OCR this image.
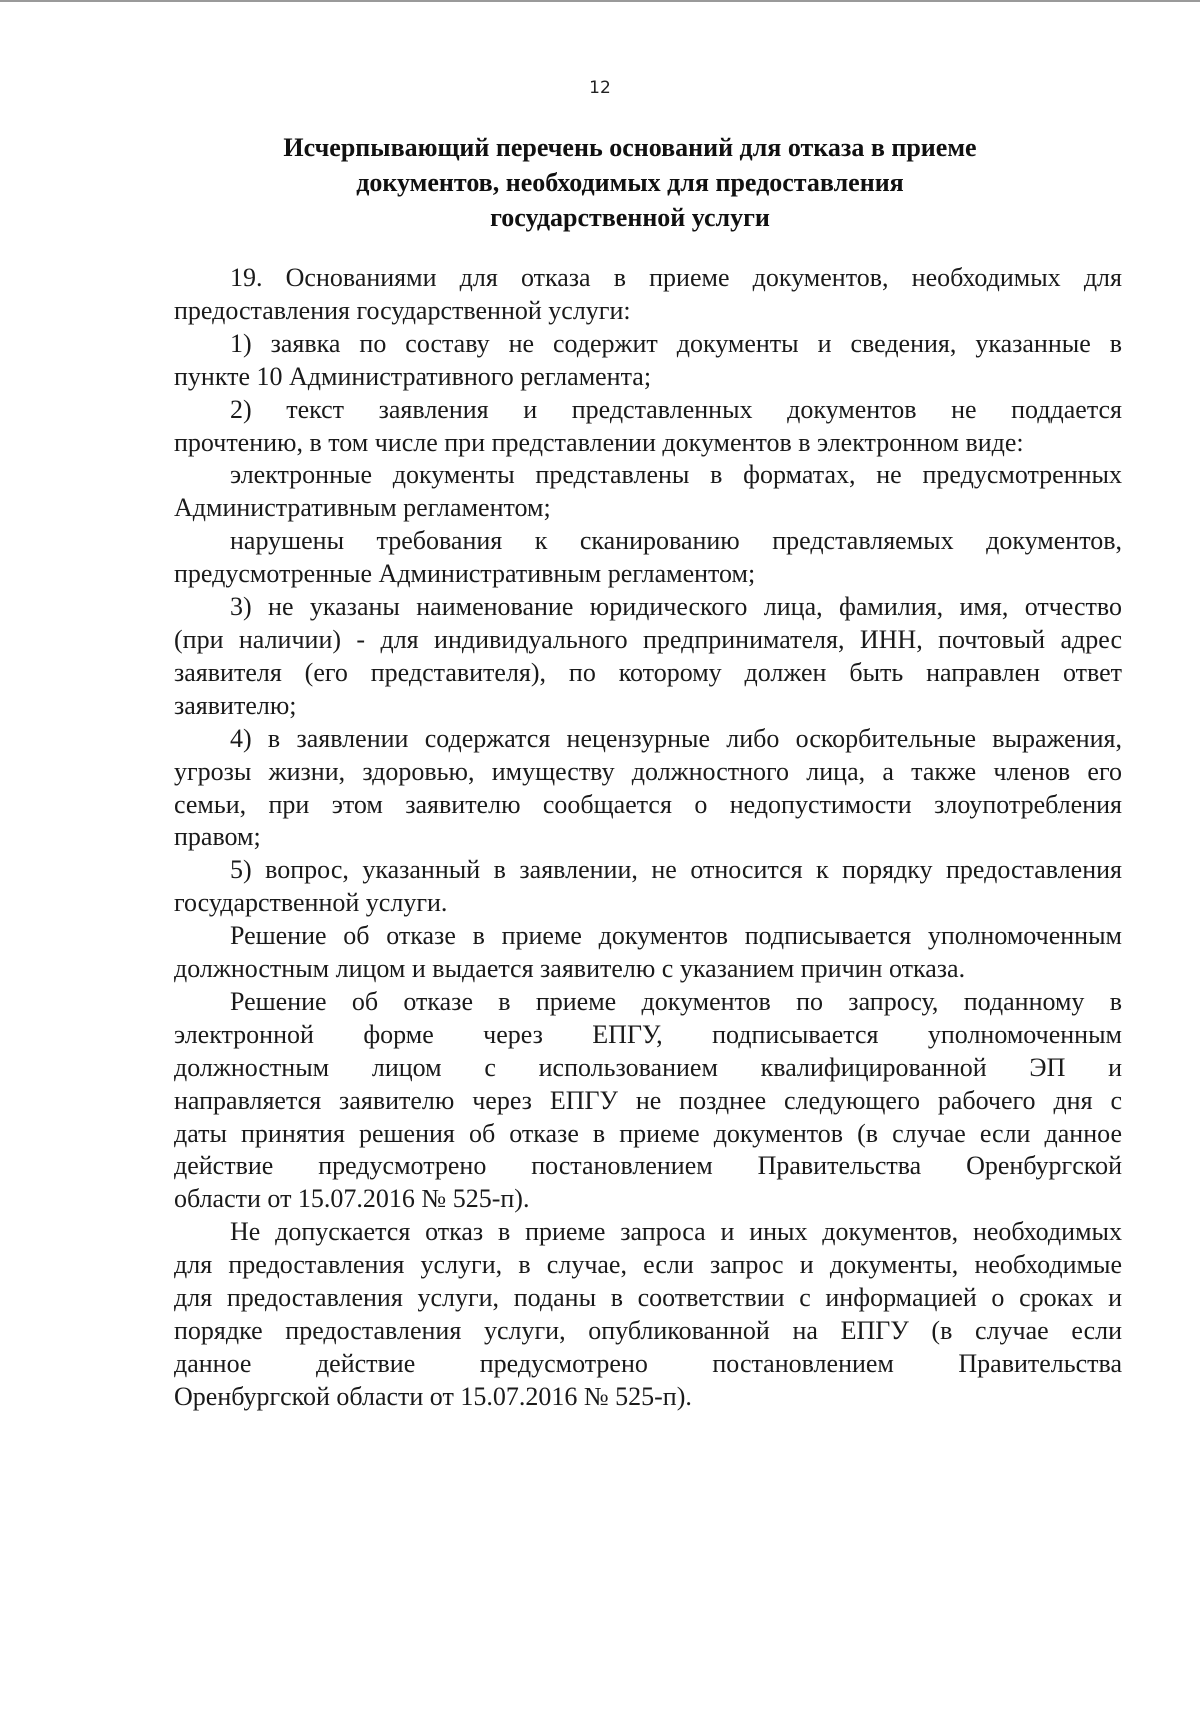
12
Исчерпывающий перечень оснований для отказа в приеме
документов, необходимых для предоставления
государственной услуги
19. Основаниями для отказа в приеме документов, необходимых для
предоставления государственной услуги:
1) заявка по составу не содержит документы и сведения, указанные в
пункте 10 Административного регламента;
2) текст заявления и представленных документов не поддается
прочтению, в том числе при представлении документов в электронном виде:
электронные документы представлены в форматах, не предусмотренных
Административным регламентом;
нарушены требования к сканированию представляемых документов,
предусмотренные Административным регламентом;
3) не указаны наименование юридического лица, фамилия, имя, отчество
(при наличии) - для индивидуального предпринимателя, ИНН, почтовый адрес
заявителя (его представителя), по которому должен быть направлен ответ
заявителю;
4) в заявлении содержатся нецензурные либо оскорбительные выражения,
угрозы жизни, здоровью, имуществу должностного лица, а также членов его
семьи, при этом заявителю сообщается о недопустимости злоупотребления
правом;
5) вопрос, указанный в заявлении, не относится к порядку предоставления
государственной услуги.
Решение об отказе в приеме документов подписывается уполномоченным
должностным лицом и выдается заявителю с указанием причин отказа.
Решение об отказе в приеме документов по запросу, поданному в
электронной форме через ЕПГУ, подписывается уполномоченным
должностным лицом с использованием квалифицированной ЭП и
направляется заявителю через ЕПГУ не позднее следующего рабочего дня с
даты принятия решения об отказе в приеме документов (в случае если данное
действие предусмотрено постановлением Правительства Оренбургской
области от 15.07.2016 № 525-п).
Не допускается отказ в приеме запроса и иных документов, необходимых
для предоставления услуги, в случае, если запрос и документы, необходимые
для предоставления услуги, поданы в соответствии с информацией о сроках и
порядке предоставления услуги, опубликованной на ЕПГУ (в случае если
данное действие предусмотрено постановлением Правительства
Оренбургской области от 15.07.2016 № 525-п).
